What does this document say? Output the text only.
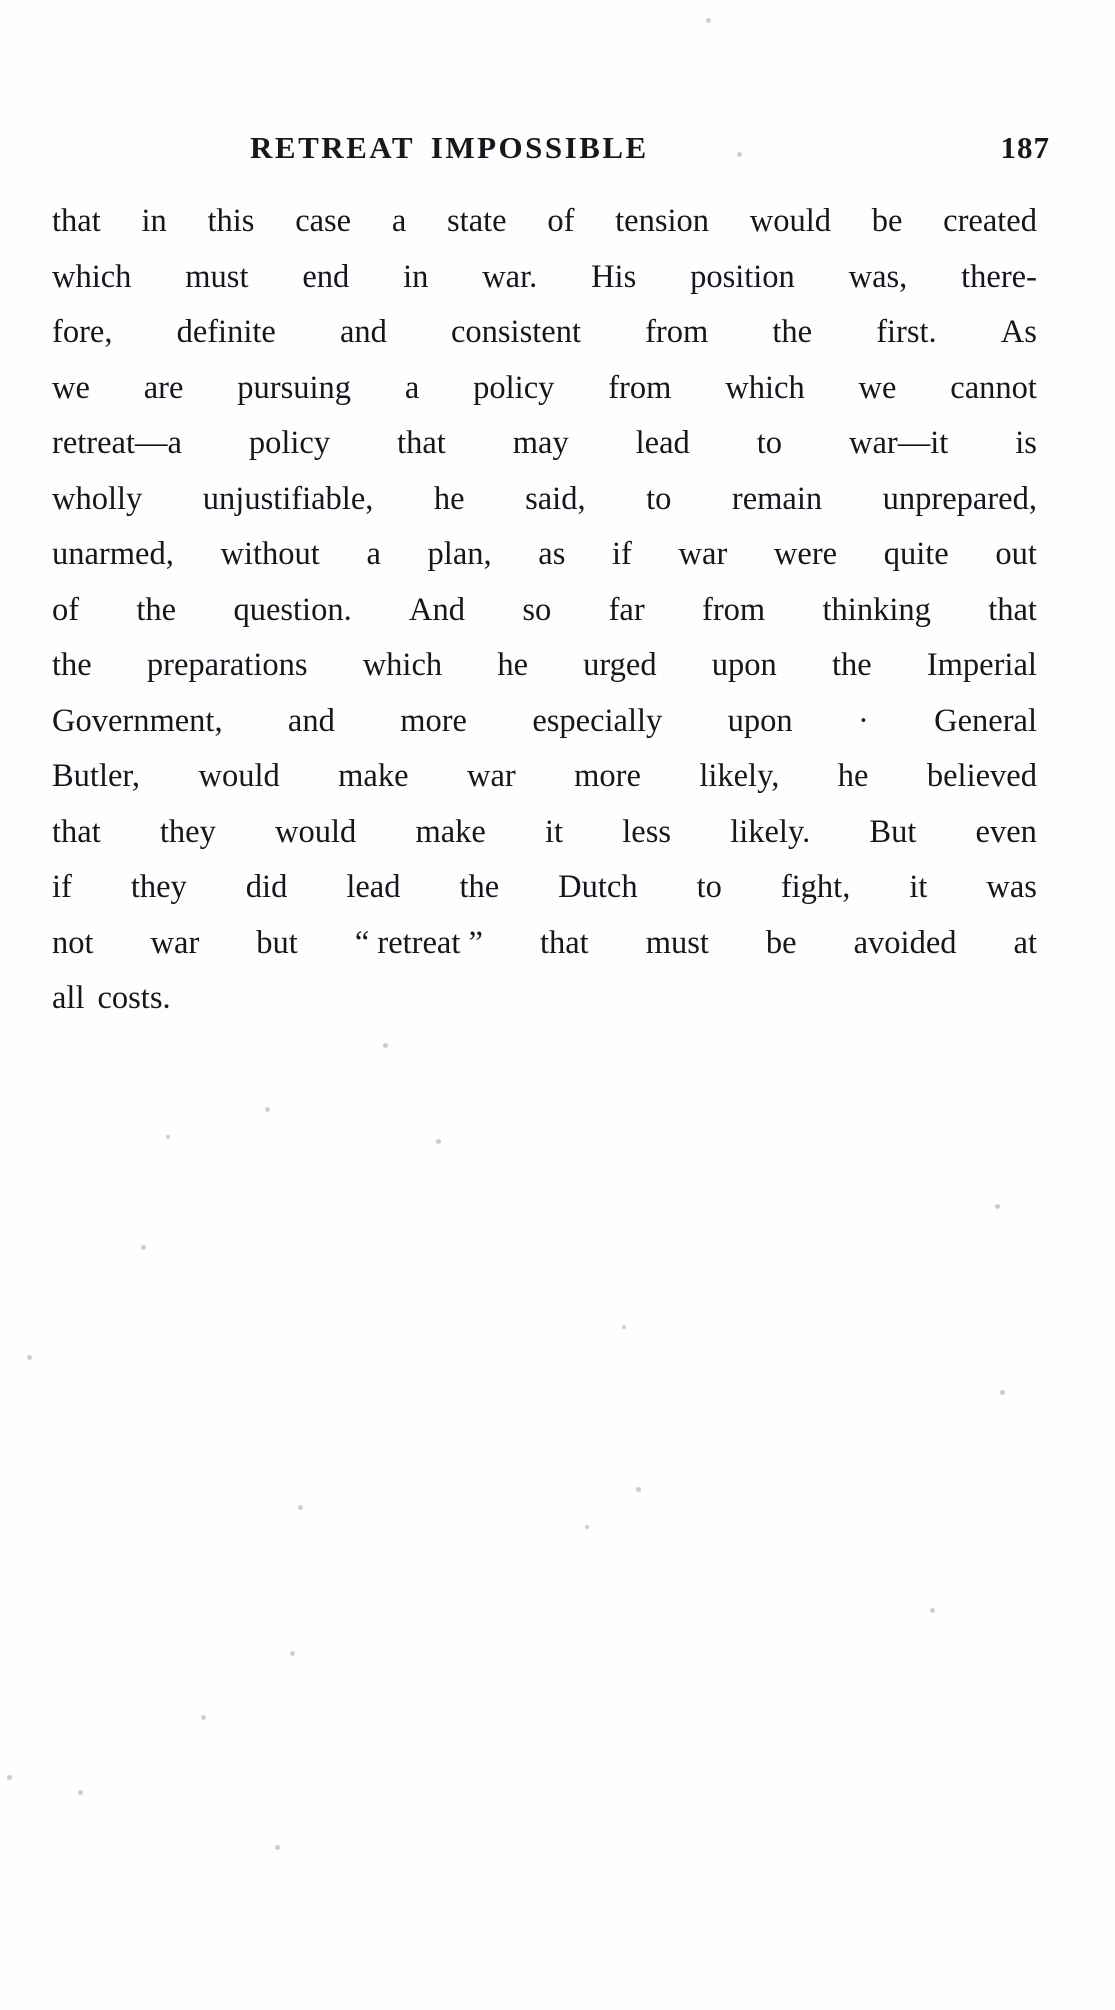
RETREAT IMPOSSIBLE	187
that in this case a state of tension would be created
which must end in war. His position was, there-
fore, definite and consistent from the first. As
we are pursuing a policy from which we cannot
retreat—a policy that may lead to war—it is
wholly unjustifiable, he said, to remain unprepared,
unarmed, without a plan, as if war were quite out
of the question. And so far from thinking that
the preparations which he urged upon the Imperial
Government, and more especially upon · General
Butler, would make war more likely, he believed
that they would make it less likely. But even
if they did lead the Dutch to fight, it was
not war but “ retreat ” that must be avoided at
all costs.
